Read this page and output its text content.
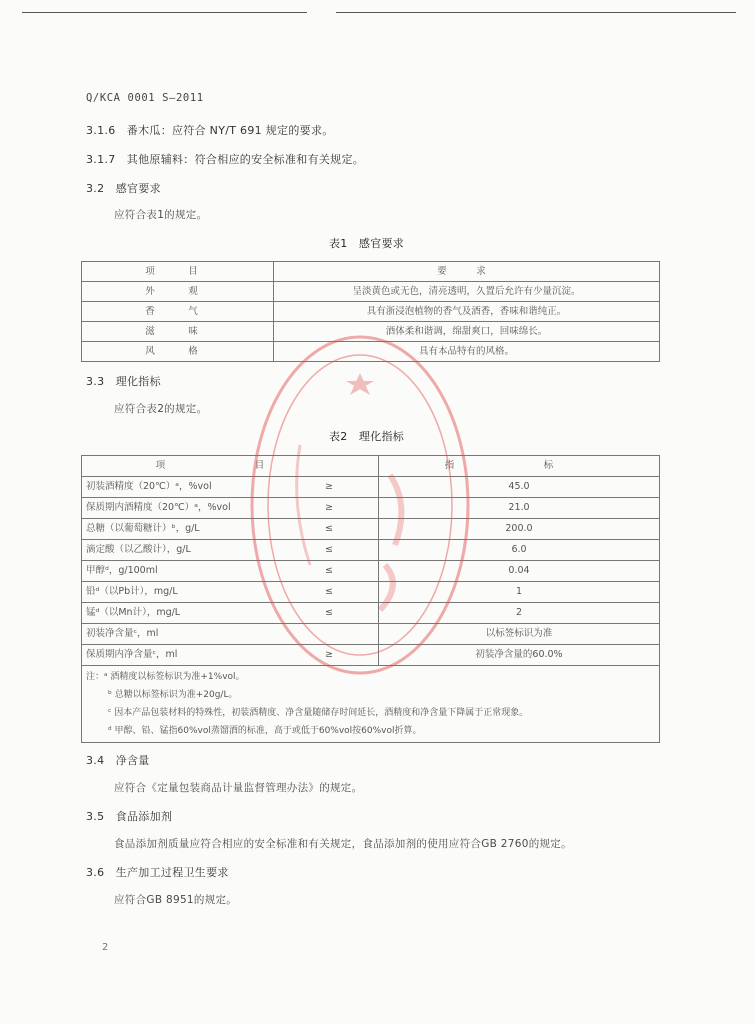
Q/KCA 0001 S—2011
3.1.6　番木瓜：应符合 NY/T 691 规定的要求。
3.1.7　其他原辅料：符合相应的安全标准和有关规定。
3.2　感官要求
应符合表1的规定。
表1　感官要求
项　目	要　求
外　观	呈淡黄色或无色，清亮透明，久置后允许有少量沉淀。
香　气	具有浙浸泡植物的香气及酒香，香味和谐纯正。
滋　味	酒体柔和谐调，绵甜爽口，回味绵长。
风　格	具有本品特有的风格。
3.3　理化指标
应符合表2的规定。
表2　理化指标
项　目		指　标
初装酒精度（20℃）ᵃ，%vol	≥	45.0
保质期内酒精度（20℃）ᵃ，%vol	≥	21.0
总糖（以葡萄糖计）ᵇ，g/L	≤	200.0
滴定酸（以乙酸计），g/L	≤	6.0
甲醇ᵈ，g/100ml	≤	0.04
铅ᵈ（以Pb计），mg/L	≤	1
锰ᵈ（以Mn计），mg/L	≤	2
初装净含量ᶜ，ml		以标签标识为准
保质期内净含量ᶜ，ml	≥	初装净含量的60.0%

注：ᵃ 酒精度以标签标识为准+1%vol。
ᵇ 总糖以标签标识为准+20g/L。
ᶜ 因本产品包装材料的特殊性，初装酒精度、净含量随储存时间延长，酒精度和净含量下降属于正常现象。
ᵈ 甲醇、铅、锰指60%vol蒸馏酒的标准，高于或低于60%vol按60%vol折算。		
3.4　净含量
应符合《定量包装商品计量监督管理办法》的规定。
3.5　食品添加剂
食品添加剂质量应符合相应的安全标准和有关规定，食品添加剂的使用应符合GB 2760的规定。
3.6　生产加工过程卫生要求
应符合GB 8951的规定。
2
